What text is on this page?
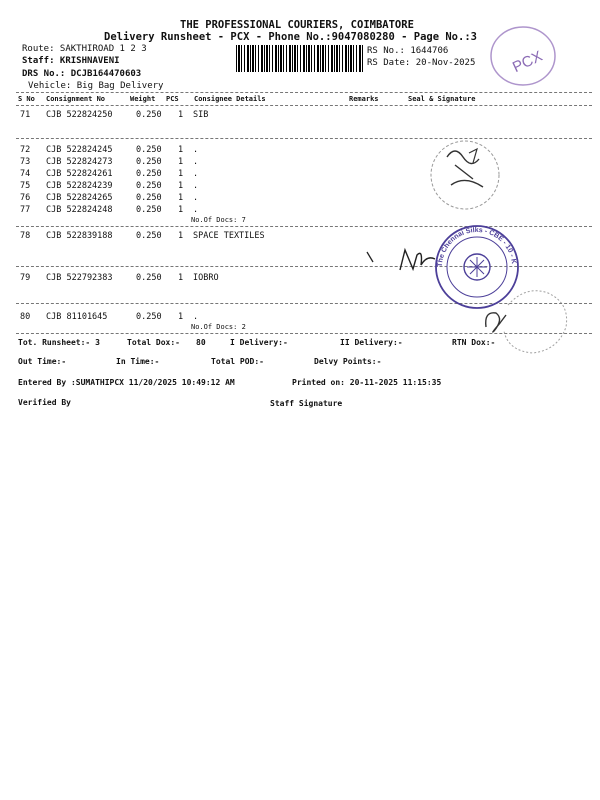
THE PROFESSIONAL COURIERS, COIMBATORE
Delivery Runsheet - PCX - Phone No.:9047080280 - Page No.:3
Route: SAKTHIROAD 1 2 3
Staff: KRISHNAVENI
DRS No.: DCJB164470603
Vehicle: Big Bag Delivery
RS No.: 1644706
RS Date: 20-Nov-2025 PCX
S No Consignment No	Weight PCS Consignee Details	Remarks	Seal & Signature
71 CJB 522824250	0.250 1 SIB
72 CJB 522824245	0.250 1 .
73 CJB 522824273	0.250 1 .
74 CJB 522824261	0.250 1 .
75 CJB 522824239	0.250 1 .
76 CJB 522824265	0.250 1 .
77 CJB 522824248	0.250 1 .
No.Of Docs: 7
78 CJB 522839188	0.250 1 SPACE TEXTILES
79 CJB 522792383	0.250 1 IOBRO
80 CJB 81101645	0.250 1 .
No.Of Docs: 2
The Chennai Silks - CBE - 10 - K
Tot. Runsheet:- 3	Total Dox:- 80	I Delivery:-	II Delivery:-	RTN Dox:-
Out Time:-	In Time:-	Total POD:-	Delvy Points:-
Entered By :SUMATHIPCX 11/20/2025 10:49:12 AM	Printed on: 20-11-2025 11:15:35
Verified By	Staff Signature
